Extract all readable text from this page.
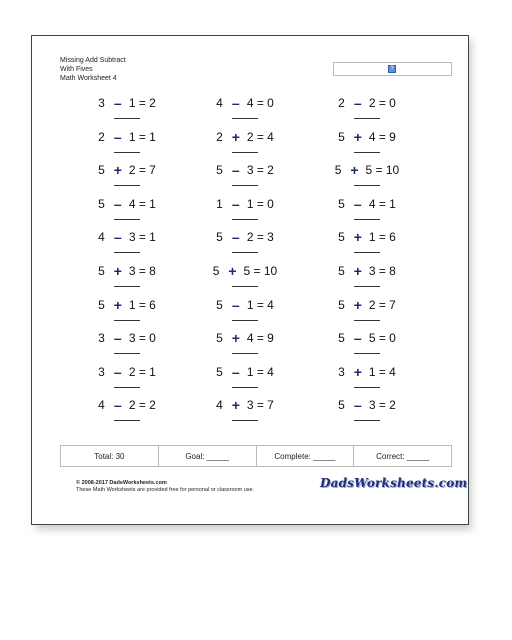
Missing Add Subtract
With Fives
Math Worksheet 4
?
3 – 1 = 2	4 – 4 = 0	2 – 2 = 0
2 – 1 = 1	2 + 2 = 4	5 + 4 = 9
5 + 2 = 7	5 – 3 = 2	5 + 5 = 10
5 – 4 = 1	1 – 1 = 0	5 – 4 = 1
4 – 3 = 1	5 – 2 = 3	5 + 1 = 6
5 + 3 = 8	5 + 5 = 10	5 + 3 = 8
5 + 1 = 6	5 – 1 = 4	5 + 2 = 7
3 – 3 = 0	5 + 4 = 9	5 – 5 = 0
3 – 2 = 1	5 – 1 = 4	3 + 1 = 4
4 – 2 = 2	4 + 3 = 7	5 – 3 = 2
Total: 30	Goal: _____	Complete: _____	Correct: _____
© 2008-2017 DadsWorksheets.com
These Math Worksheets are provided free for personal or classroom use.	DadsWorksheets.com
